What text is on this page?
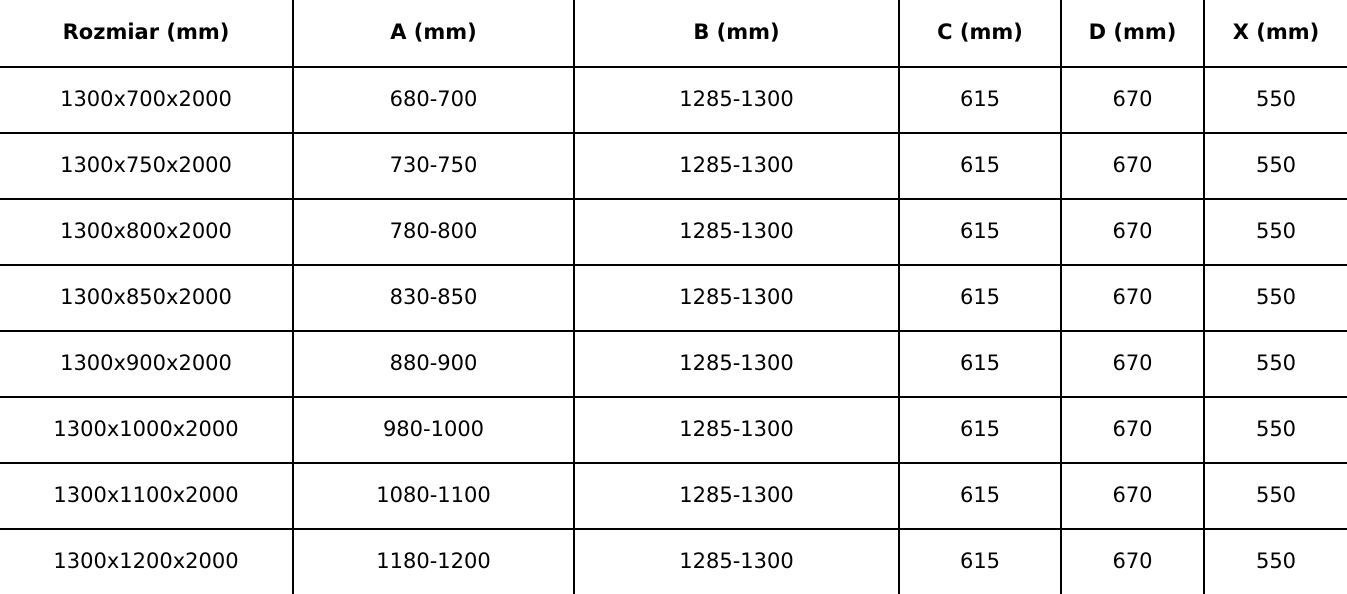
Rozmiar (mm)	A (mm)	B (mm)	C (mm)	D (mm)	X (mm)
1300x700x2000	680-700	1285-1300	615	670	550
1300x750x2000	730-750	1285-1300	615	670	550
1300x800x2000	780-800	1285-1300	615	670	550
1300x850x2000	830-850	1285-1300	615	670	550
1300x900x2000	880-900	1285-1300	615	670	550
1300x1000x2000	980-1000	1285-1300	615	670	550
1300x1100x2000	1080-1100	1285-1300	615	670	550
1300x1200x2000	1180-1200	1285-1300	615	670	550
